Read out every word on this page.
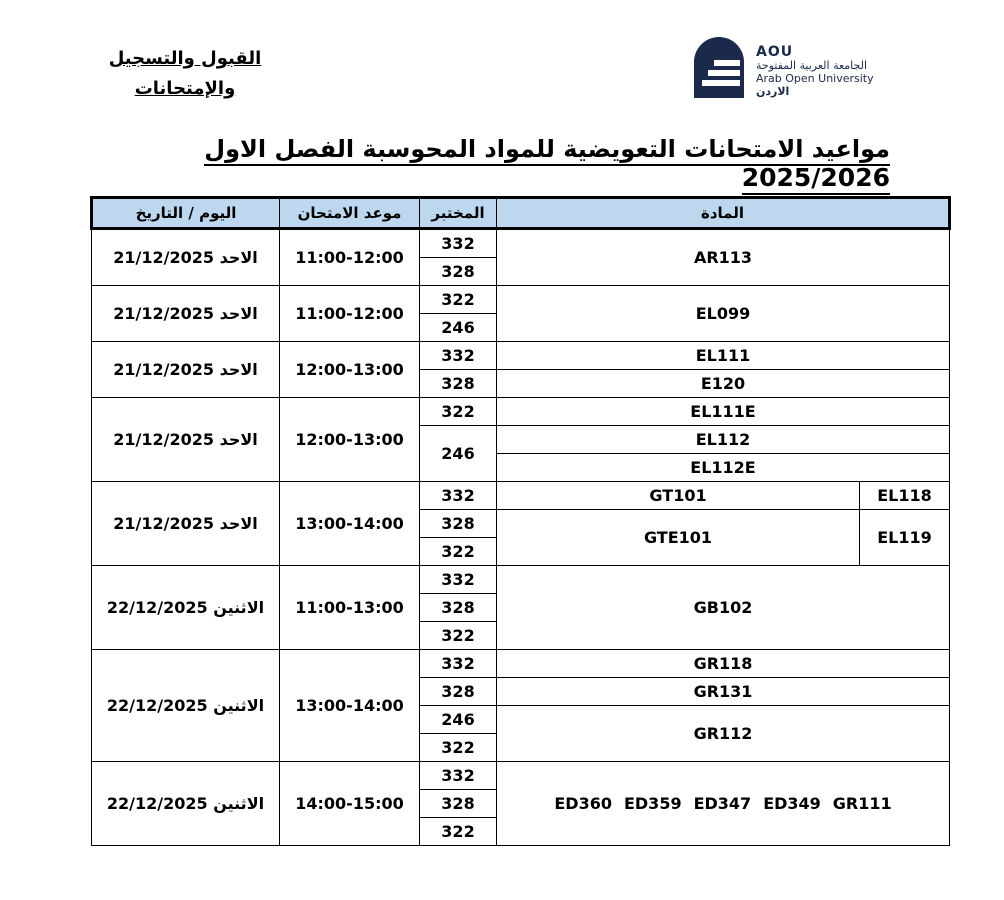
القبول والتسجيل
والإمتحانات
AOU
الجامعة العربية المفتوحة
Arab Open University
الاردن
مواعيد الامتحانات التعويضية للمواد المحوسبة الفصل الاول 2025/2026
المادة		المختبر	موعد الامتحان	اليوم / التاريخ
AR113		332	11:00-12:00	الاحد 21/12/2025
		328		
EL099		322	11:00-12:00	الاحد 21/12/2025
		246		
EL111		332	12:00-13:00	الاحد 21/12/2025
E120		328		
EL111E		322	12:00-13:00	الاحد 21/12/2025
EL112		246		
EL112E				
EL118	GT101	332	13:00-14:00	الاحد 21/12/2025
EL119	GTE101	328		
		322		
GB102		332	11:00-13:00	الاثنين 22/12/2025
		328		
		322		
GR118		332	13:00-14:00	الاثنين 22/12/2025
GR131		328		
GR112		246		
		322		
GR111ED349ED347ED359ED360		332	14:00-15:00	الاثنين 22/12/2025
		328		
		322		
